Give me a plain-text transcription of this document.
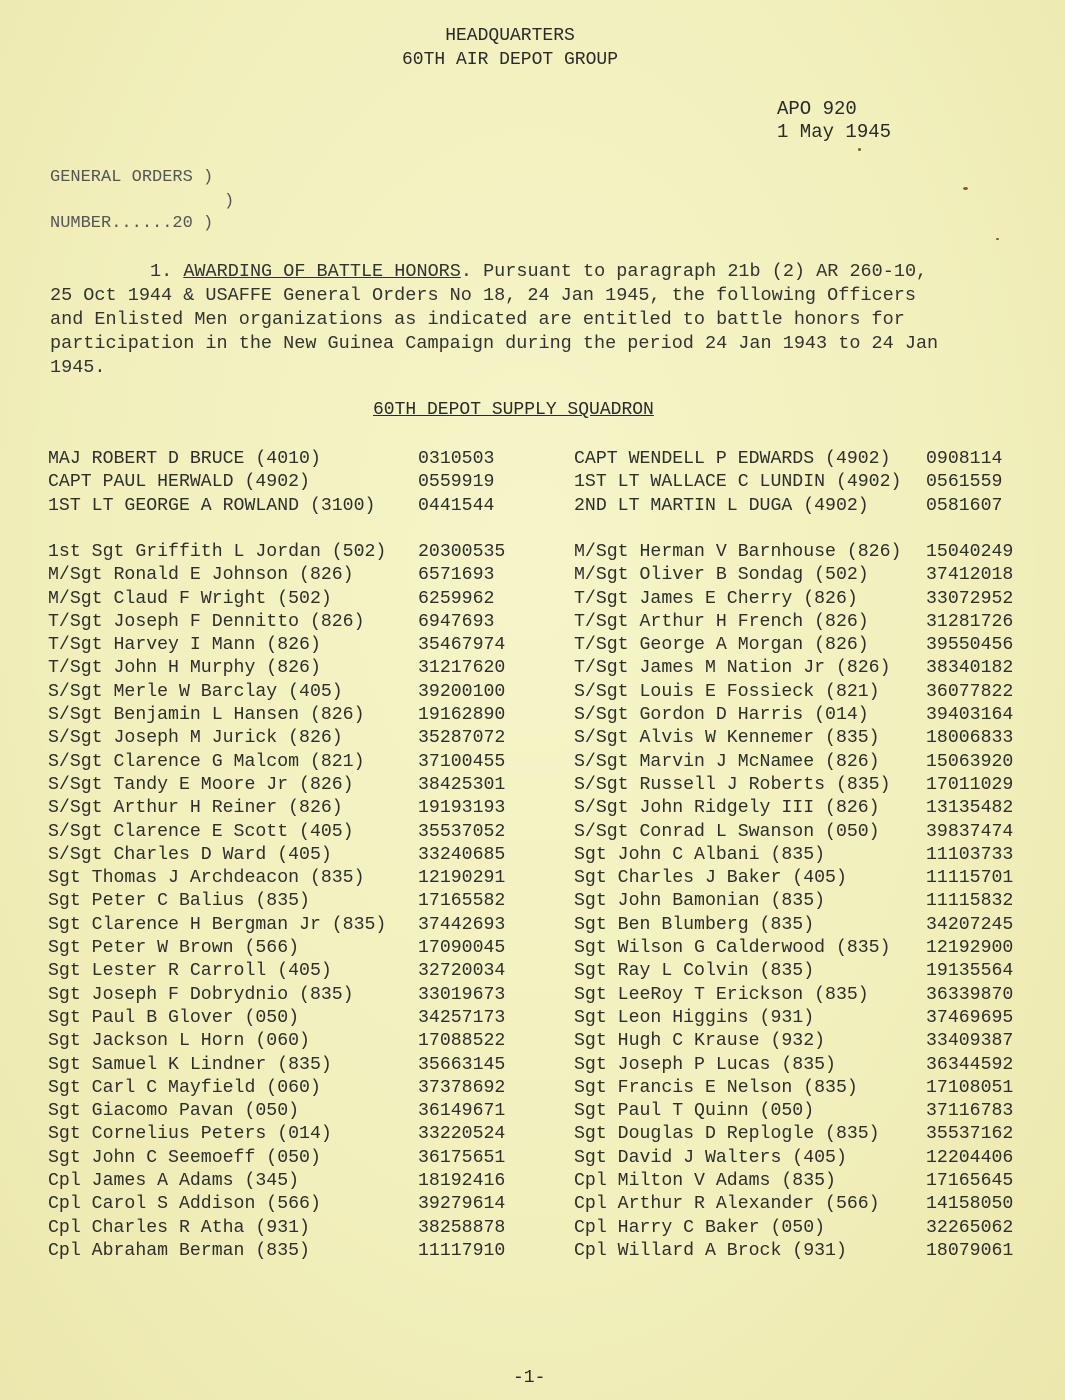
HEADQUARTERS
60TH AIR DEPOT GROUP
APO 920
1 May 1945
GENERAL ORDERS )
)
NUMBER......20 )
1. AWARDING OF BATTLE HONORS. Pursuant to paragraph 21b (2) AR 260-10, 25 Oct 1944 & USAFFE General Orders No 18, 24 Jan 1945, the following Officers and Enlisted Men organizations as indicated are entitled to battle honors for participation in the New Guinea Campaign during the period 24 Jan 1943 to 24 Jan 1945.
60TH DEPOT SUPPLY SQUADRON
MAJ ROBERT D BRUCE (4010)	0310503		CAPT WENDELL P EDWARDS (4902)	0908114
CAPT PAUL HERWALD (4902)	0559919		1ST LT WALLACE C LUNDIN (4902)	0561559
1ST LT GEORGE A ROWLAND (3100)	0441544		2ND LT MARTIN L DUGA (4902)	0581607
1st Sgt Griffith L Jordan (502)	20300535		M/Sgt Herman V Barnhouse (826)	15040249
M/Sgt Ronald E Johnson (826)	6571693		M/Sgt Oliver B Sondag (502)	37412018
M/Sgt Claud F Wright (502)	6259962		T/Sgt James E Cherry (826)	33072952
T/Sgt Joseph F Dennitto (826)	6947693		T/Sgt Arthur H French (826)	31281726
T/Sgt Harvey I Mann (826)	35467974		T/Sgt George A Morgan (826)	39550456
T/Sgt John H Murphy (826)	31217620		T/Sgt James M Nation Jr (826)	38340182
S/Sgt Merle W Barclay (405)	39200100		S/Sgt Louis E Fossieck (821)	36077822
S/Sgt Benjamin L Hansen (826)	19162890		S/Sgt Gordon D Harris (014)	39403164
S/Sgt Joseph M Jurick (826)	35287072		S/Sgt Alvis W Kennemer (835)	18006833
S/Sgt Clarence G Malcom (821)	37100455		S/Sgt Marvin J McNamee (826)	15063920
S/Sgt Tandy E Moore Jr (826)	38425301		S/Sgt Russell J Roberts (835)	17011029
S/Sgt Arthur H Reiner (826)	19193193		S/Sgt John Ridgely III (826)	13135482
S/Sgt Clarence E Scott (405)	35537052		S/Sgt Conrad L Swanson (050)	39837474
S/Sgt Charles D Ward (405)	33240685		Sgt John C Albani (835)	11103733
Sgt Thomas J Archdeacon (835)	12190291		Sgt Charles J Baker (405)	11115701
Sgt Peter C Balius (835)	17165582		Sgt John Bamonian (835)	11115832
Sgt Clarence H Bergman Jr (835)	37442693		Sgt Ben Blumberg (835)	34207245
Sgt Peter W Brown (566)	17090045		Sgt Wilson G Calderwood (835)	12192900
Sgt Lester R Carroll (405)	32720034		Sgt Ray L Colvin (835)	19135564
Sgt Joseph F Dobrydnio (835)	33019673		Sgt LeeRoy T Erickson (835)	36339870
Sgt Paul B Glover (050)	34257173		Sgt Leon Higgins (931)	37469695
Sgt Jackson L Horn (060)	17088522		Sgt Hugh C Krause (932)	33409387
Sgt Samuel K Lindner (835)	35663145		Sgt Joseph P Lucas (835)	36344592
Sgt Carl C Mayfield (060)	37378692		Sgt Francis E Nelson (835)	17108051
Sgt Giacomo Pavan (050)	36149671		Sgt Paul T Quinn (050)	37116783
Sgt Cornelius Peters (014)	33220524		Sgt Douglas D Replogle (835)	35537162
Sgt John C Seemoeff (050)	36175651		Sgt David J Walters (405)	12204406
Cpl James A Adams (345)	18192416		Cpl Milton V Adams (835)	17165645
Cpl Carol S Addison (566)	39279614		Cpl Arthur R Alexander (566)	14158050
Cpl Charles R Atha (931)	38258878		Cpl Harry C Baker (050)	32265062
Cpl Abraham Berman (835)	11117910		Cpl Willard A Brock (931)	18079061
-1-
